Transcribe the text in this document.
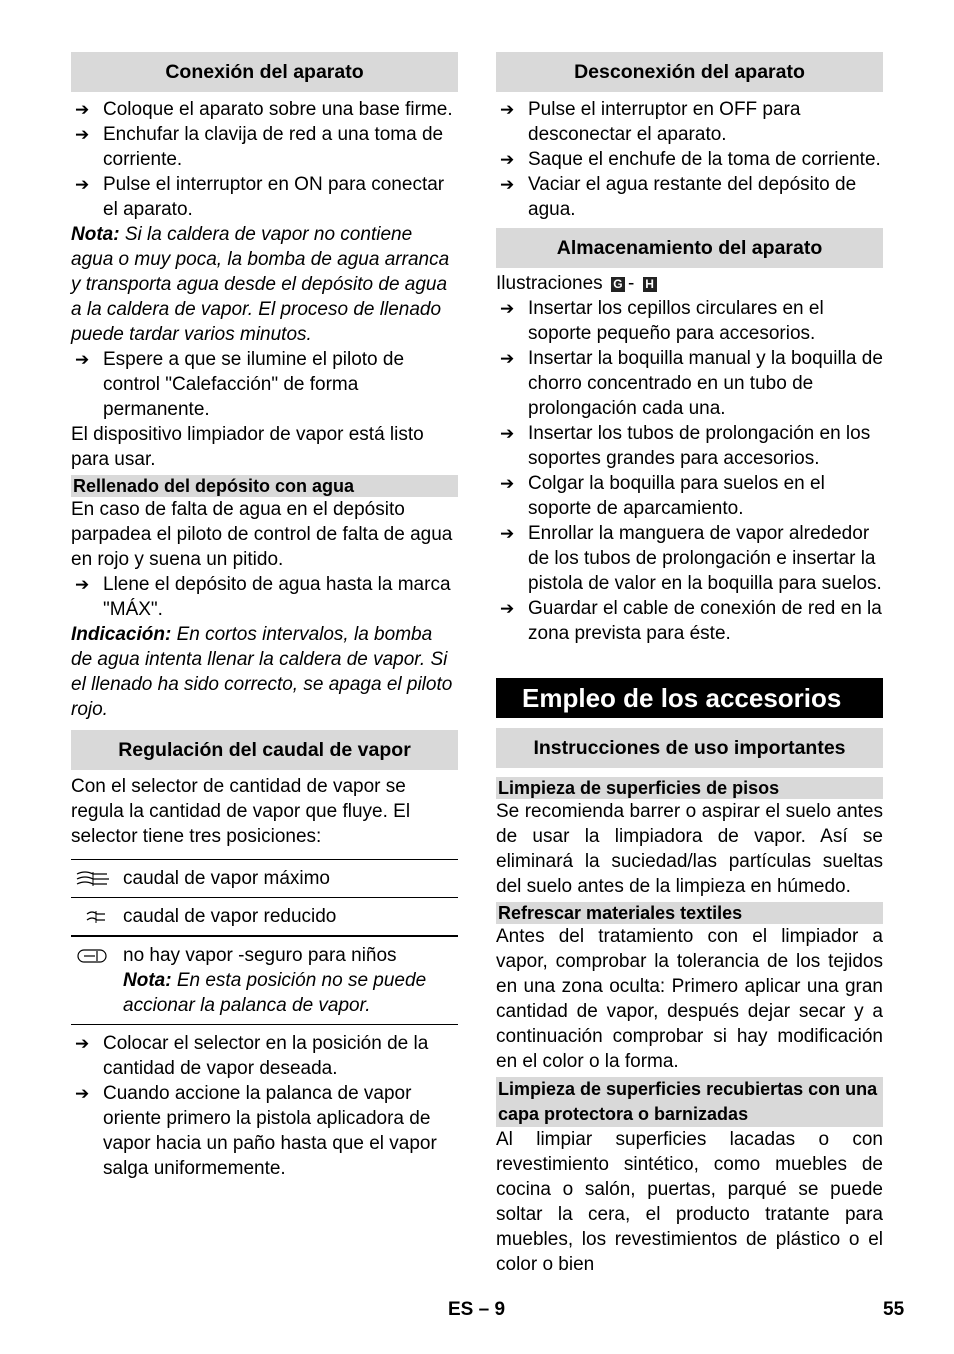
Conexión del aparato
➔ Coloque el aparato sobre una base firme.
➔ Enchufar la clavija de red a una toma de corriente.
➔ Pulse el interruptor en ON para conectar el aparato.

Nota: Si la caldera de vapor no contiene agua o muy poca, la bomba de agua arranca y transporta agua desde el depósito de agua a la caldera de vapor. El proceso de llenado puede tardar varios minutos.

➔ Espere a que se ilumine el piloto de control "Calefacción" de forma permanente.

El dispositivo limpiador de vapor está listo para usar.

Rellenado del depósito con agua

En caso de falta de agua en el depósito parpadea el piloto de control de falta de agua en rojo y suena un pitido.

➔ Llene el depósito de agua hasta la marca "MÁX".

Indicación: En cortos intervalos, la bomba de agua intenta llenar la caldera de vapor. Si el llenado ha sido correcto, se apaga el piloto rojo.

Regulación del caudal de vapor

Con el selector de cantidad de vapor se regula la cantidad de vapor que fluye. El selector tiene tres posiciones:

caudal de vapor máximo
caudal de vapor reducido
no hay vapor -seguro para niños
Nota: En esta posición no se puede accionar la palanca de vapor.
➔ Colocar el selector en la posición de la cantidad de vapor deseada.
➔ Cuando accione la palanca de vapor oriente primero la pistola aplicadora de vapor hacia un paño hasta que el vapor salga uniformemente.
Desconexión del aparato
➔ Pulse el interruptor en OFF para desconectar el aparato.
➔ Saque el enchufe de la toma de corriente.
➔ Vaciar el agua restante del depósito de agua.
Almacenamiento del aparato

Ilustraciones G - H

➔ Insertar los cepillos circulares en el soporte pequeño para accesorios.
➔ Insertar la boquilla manual y la boquilla de chorro concentrado en un tubo de prolongación cada una.
➔ Insertar los tubos de prolongación en los soportes grandes para accesorios.
➔ Colgar la boquilla para suelos en el soporte de aparcamiento.
➔ Enrollar la manguera de vapor alrededor de los tubos de prolongación e insertar la pistola de valor en la boquilla para suelos.
➔ Guardar el cable de conexión de red en la zona prevista para éste.
Empleo de los accesorios
Instrucciones de uso importantes
Limpieza de superficies de pisos

Se recomienda barrer o aspirar el suelo antes de usar la limpiadora de vapor. Así se eliminará la suciedad/las partículas sueltas del suelo antes de la limpieza en húmedo.

Refrescar materiales textiles

Antes del tratamiento con el limpiador a vapor, comprobar la tolerancia de los tejidos en una zona oculta: Primero aplicar una gran cantidad de vapor, después dejar secar y a continuación comprobar si hay modificación en el color o la forma.

Limpieza de superficies recubiertas con una capa protectora o barnizadas

Al limpiar superficies lacadas o con revestimiento sintético, como muebles de cocina o salón, puertas, parqué se puede soltar la cera, el producto tratante para muebles, los revestimientos de plástico o el color o bien

ES – 9	55
